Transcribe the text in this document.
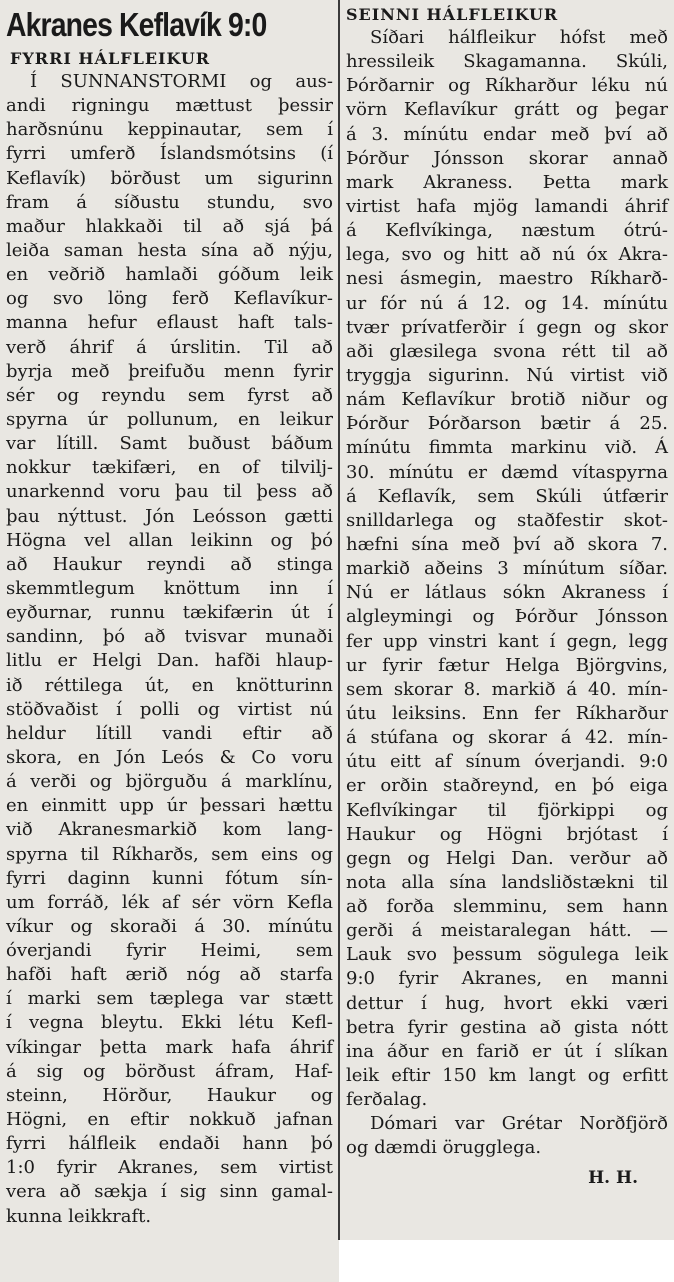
Akranes Keflavík 9:0
FYRRI HÁLFLEIKUR
Í SUNNANSTORMI og aus-
andi rigningu mættust þessir
harðsnúnu keppinautar, sem í
fyrri umferð Íslandsmótsins (í
Keflavík) börðust um sigurinn
fram á síðustu stundu, svo
maður hlakkaði til að sjá þá
leiða saman hesta sína að nýju,
en veðrið hamlaði góðum leik
og svo löng ferð Keflavíkur-
manna hefur eflaust haft tals-
verð áhrif á úrslitin. Til að
byrja með þreifuðu menn fyrir
sér og reyndu sem fyrst að
spyrna úr pollunum, en leikur
var lítill. Samt buðust báðum
nokkur tækifæri, en of tilvilj-
unarkennd voru þau til þess að
þau nýttust. Jón Leósson gætti
Högna vel allan leikinn og þó
að Haukur reyndi að stinga
skemmtlegum knöttum inn í
eyðurnar, runnu tækifærin út í
sandinn, þó að tvisvar munaði
litlu er Helgi Dan. hafði hlaup-
ið réttilega út, en knötturinn
stöðvaðist í polli og virtist nú
heldur lítill vandi eftir að
skora, en Jón Leós & Co voru
á verði og björguðu á marklínu,
en einmitt upp úr þessari hættu
við Akranesmarkið kom lang-
spyrna til Ríkharðs, sem eins og
fyrri daginn kunni fótum sín-
um forráð, lék af sér vörn Kefla
víkur og skoraði á 30. mínútu
óverjandi fyrir Heimi, sem
hafði haft ærið nóg að starfa
í marki sem tæplega var stætt
í vegna bleytu. Ekki létu Kefl-
víkingar þetta mark hafa áhrif
á sig og börðust áfram, Haf-
steinn, Hörður, Haukur og
Högni, en eftir nokkuð jafnan
fyrri hálfleik endaði hann þó
1:0 fyrir Akranes, sem virtist
vera að sækja í sig sinn gamal-
kunna leikkraft.
SEINNI HÁLFLEIKUR
Síðari hálfleikur hófst með
hressileik Skagamanna. Skúli,
Þórðarnir og Ríkharður léku nú
vörn Keflavíkur grátt og þegar
á 3. mínútu endar með því að
Þórður Jónsson skorar annað
mark Akraness. Þetta mark
virtist hafa mjög lamandi áhrif
á Keflvíkinga, næstum ótrú-
lega, svo og hitt að nú óx Akra-
nesi ásmegin, maestro Ríkharð-
ur fór nú á 12. og 14. mínútu
tvær prívatferðir í gegn og skor
aði glæsilega svona rétt til að
tryggja sigurinn. Nú virtist við
nám Keflavíkur brotið niður og
Þórður Þórðarson bætir á 25.
mínútu fimmta markinu við. Á
30. mínútu er dæmd vítaspyrna
á Keflavík, sem Skúli útfærir
snilldarlega og staðfestir skot-
hæfni sína með því að skora 7.
markið aðeins 3 mínútum síðar.
Nú er látlaus sókn Akraness í
algleymingi og Þórður Jónsson
fer upp vinstri kant í gegn, legg
ur fyrir fætur Helga Björgvins,
sem skorar 8. markið á 40. mín-
útu leiksins. Enn fer Ríkharður
á stúfana og skorar á 42. mín-
útu eitt af sínum óverjandi. 9:0
er orðin staðreynd, en þó eiga
Keflvíkingar til fjörkippi og
Haukur og Högni brjótast í
gegn og Helgi Dan. verður að
nota alla sína landsliðstækni til
að forða slemminu, sem hann
gerði á meistaralegan hátt. —
Lauk svo þessum sögulega leik
9:0 fyrir Akranes, en manni
dettur í hug, hvort ekki væri
betra fyrir gestina að gista nótt
ina áður en farið er út í slíkan
leik eftir 150 km langt og erfitt
ferðalag.
Dómari var Grétar Norðfjörð
og dæmdi örugglega.
H. H.
